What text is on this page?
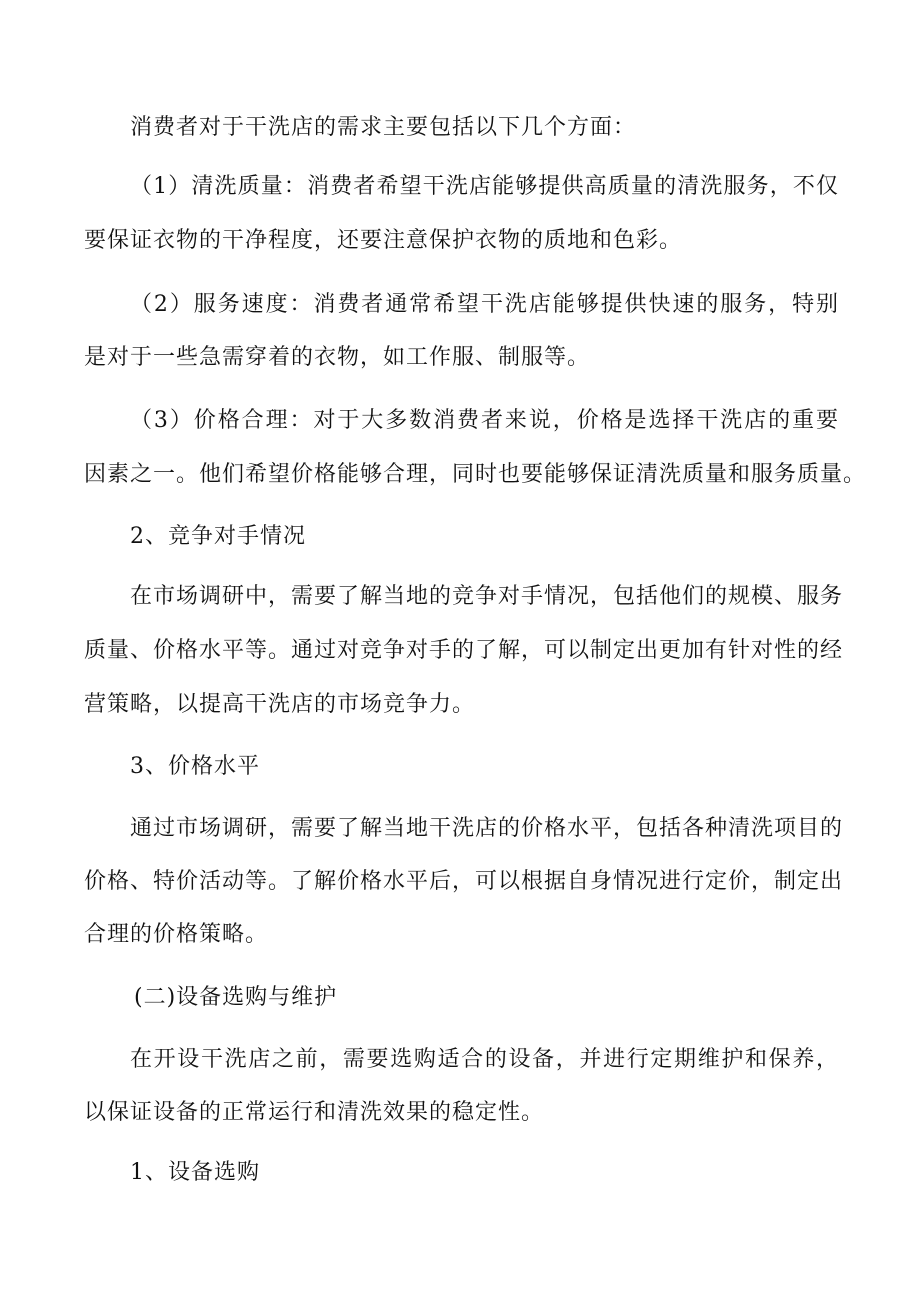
消费者对于干洗店的需求主要包括以下几个方面：
（1）清洗质量：消费者希望干洗店能够提供高质量的清洗服务，不仅
要保证衣物的干净程度，还要注意保护衣物的质地和色彩。
（2）服务速度：消费者通常希望干洗店能够提供快速的服务，特别
是对于一些急需穿着的衣物，如工作服、制服等。
（3）价格合理：对于大多数消费者来说，价格是选择干洗店的重要
因素之一。他们希望价格能够合理，同时也要能够保证清洗质量和服务质量。
2、竞争对手情况
在市场调研中，需要了解当地的竞争对手情况，包括他们的规模、服务
质量、价格水平等。通过对竞争对手的了解，可以制定出更加有针对性的经
营策略，以提高干洗店的市场竞争力。
3、价格水平
通过市场调研，需要了解当地干洗店的价格水平，包括各种清洗项目的
价格、特价活动等。了解价格水平后，可以根据自身情况进行定价，制定出
合理的价格策略。
(二)设备选购与维护
在开设干洗店之前，需要选购适合的设备，并进行定期维护和保养，
以保证设备的正常运行和清洗效果的稳定性。
1、设备选购
